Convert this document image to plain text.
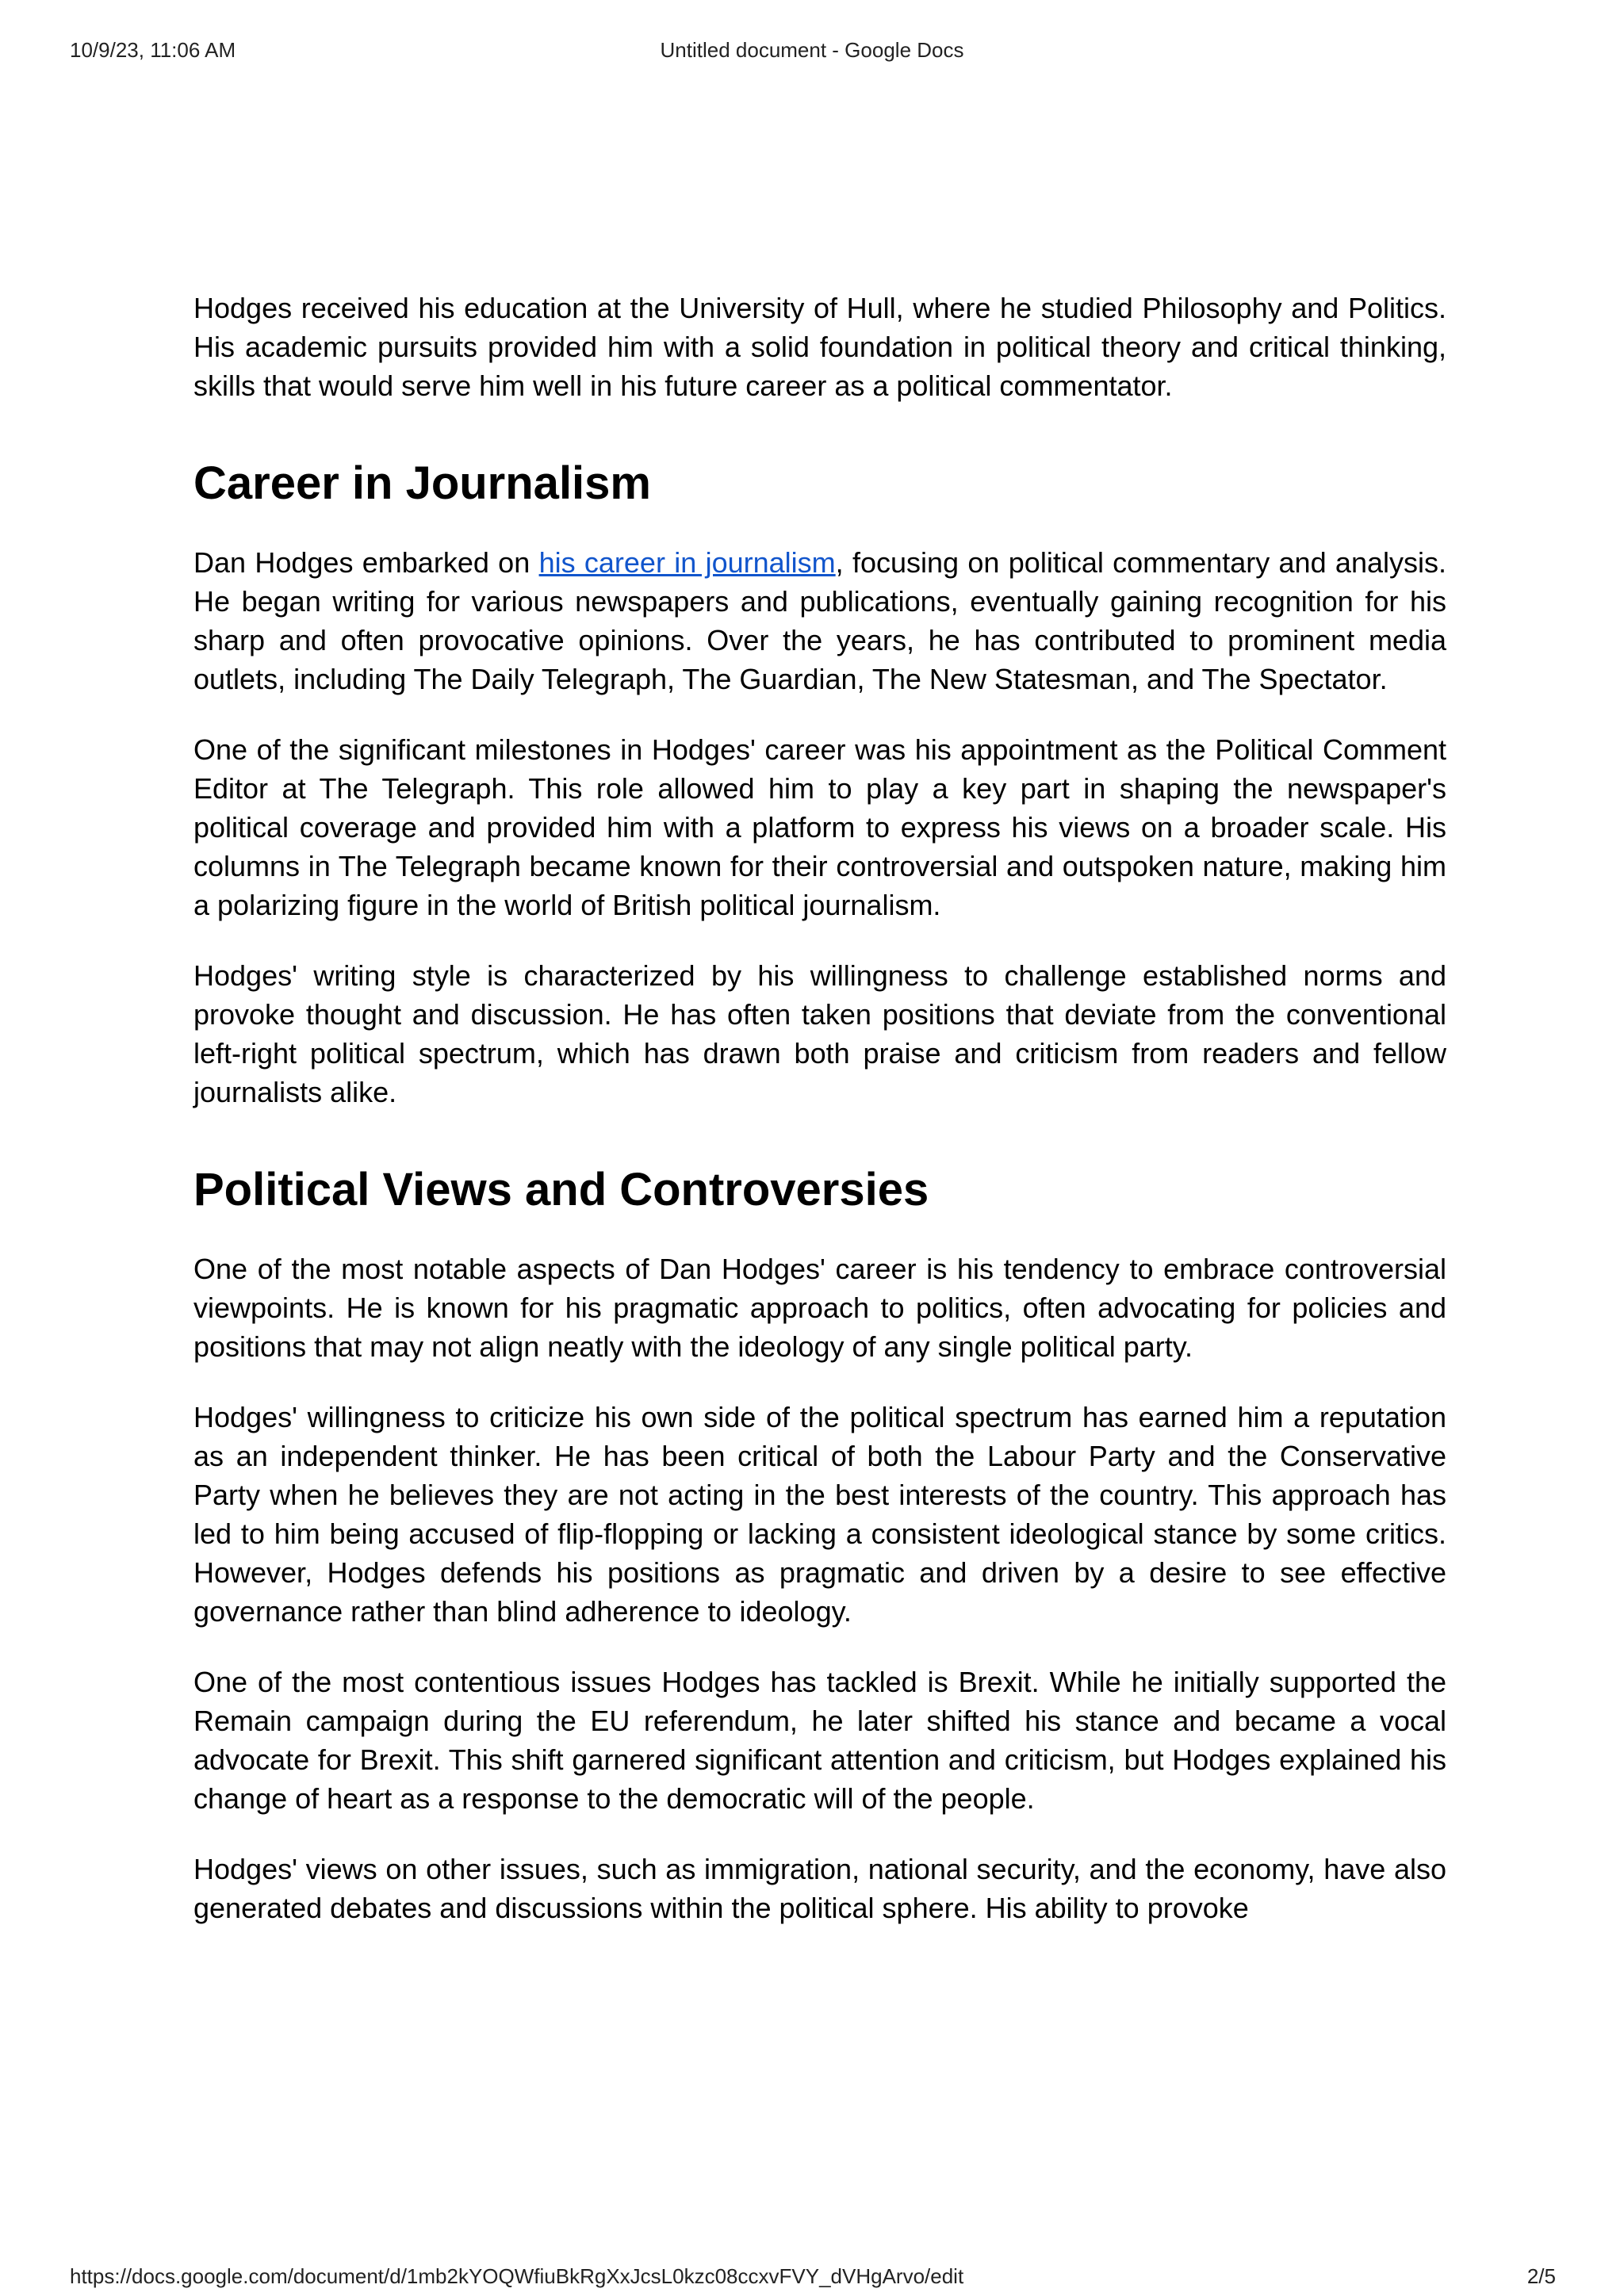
10/9/23, 11:06 AM	Untitled document - Google Docs

Hodges received his education at the University of Hull, where he studied Philosophy and Politics. His academic pursuits provided him with a solid foundation in political theory and critical thinking, skills that would serve him well in his future career as a political commentator.

Career in Journalism

Dan Hodges embarked on his career in journalism, focusing on political commentary and analysis. He began writing for various newspapers and publications, eventually gaining recognition for his sharp and often provocative opinions. Over the years, he has contributed to prominent media outlets, including The Daily Telegraph, The Guardian, The New Statesman, and The Spectator.

One of the significant milestones in Hodges' career was his appointment as the Political Comment Editor at The Telegraph. This role allowed him to play a key part in shaping the newspaper's political coverage and provided him with a platform to express his views on a broader scale. His columns in The Telegraph became known for their controversial and outspoken nature, making him a polarizing figure in the world of British political journalism.

Hodges' writing style is characterized by his willingness to challenge established norms and provoke thought and discussion. He has often taken positions that deviate from the conventional left-right political spectrum, which has drawn both praise and criticism from readers and fellow journalists alike.

Political Views and Controversies

One of the most notable aspects of Dan Hodges' career is his tendency to embrace controversial viewpoints. He is known for his pragmatic approach to politics, often advocating for policies and positions that may not align neatly with the ideology of any single political party.

Hodges' willingness to criticize his own side of the political spectrum has earned him a reputation as an independent thinker. He has been critical of both the Labour Party and the Conservative Party when he believes they are not acting in the best interests of the country. This approach has led to him being accused of flip-flopping or lacking a consistent ideological stance by some critics. However, Hodges defends his positions as pragmatic and driven by a desire to see effective governance rather than blind adherence to ideology.

One of the most contentious issues Hodges has tackled is Brexit. While he initially supported the Remain campaign during the EU referendum, he later shifted his stance and became a vocal advocate for Brexit. This shift garnered significant attention and criticism, but Hodges explained his change of heart as a response to the democratic will of the people.

Hodges' views on other issues, such as immigration, national security, and the economy, have also generated debates and discussions within the political sphere. His ability to provoke

https://docs.google.com/document/d/1mb2kYOQWfiuBkRgXxJcsL0kzc08ccxvFVY_dVHgArvo/edit	2/5
